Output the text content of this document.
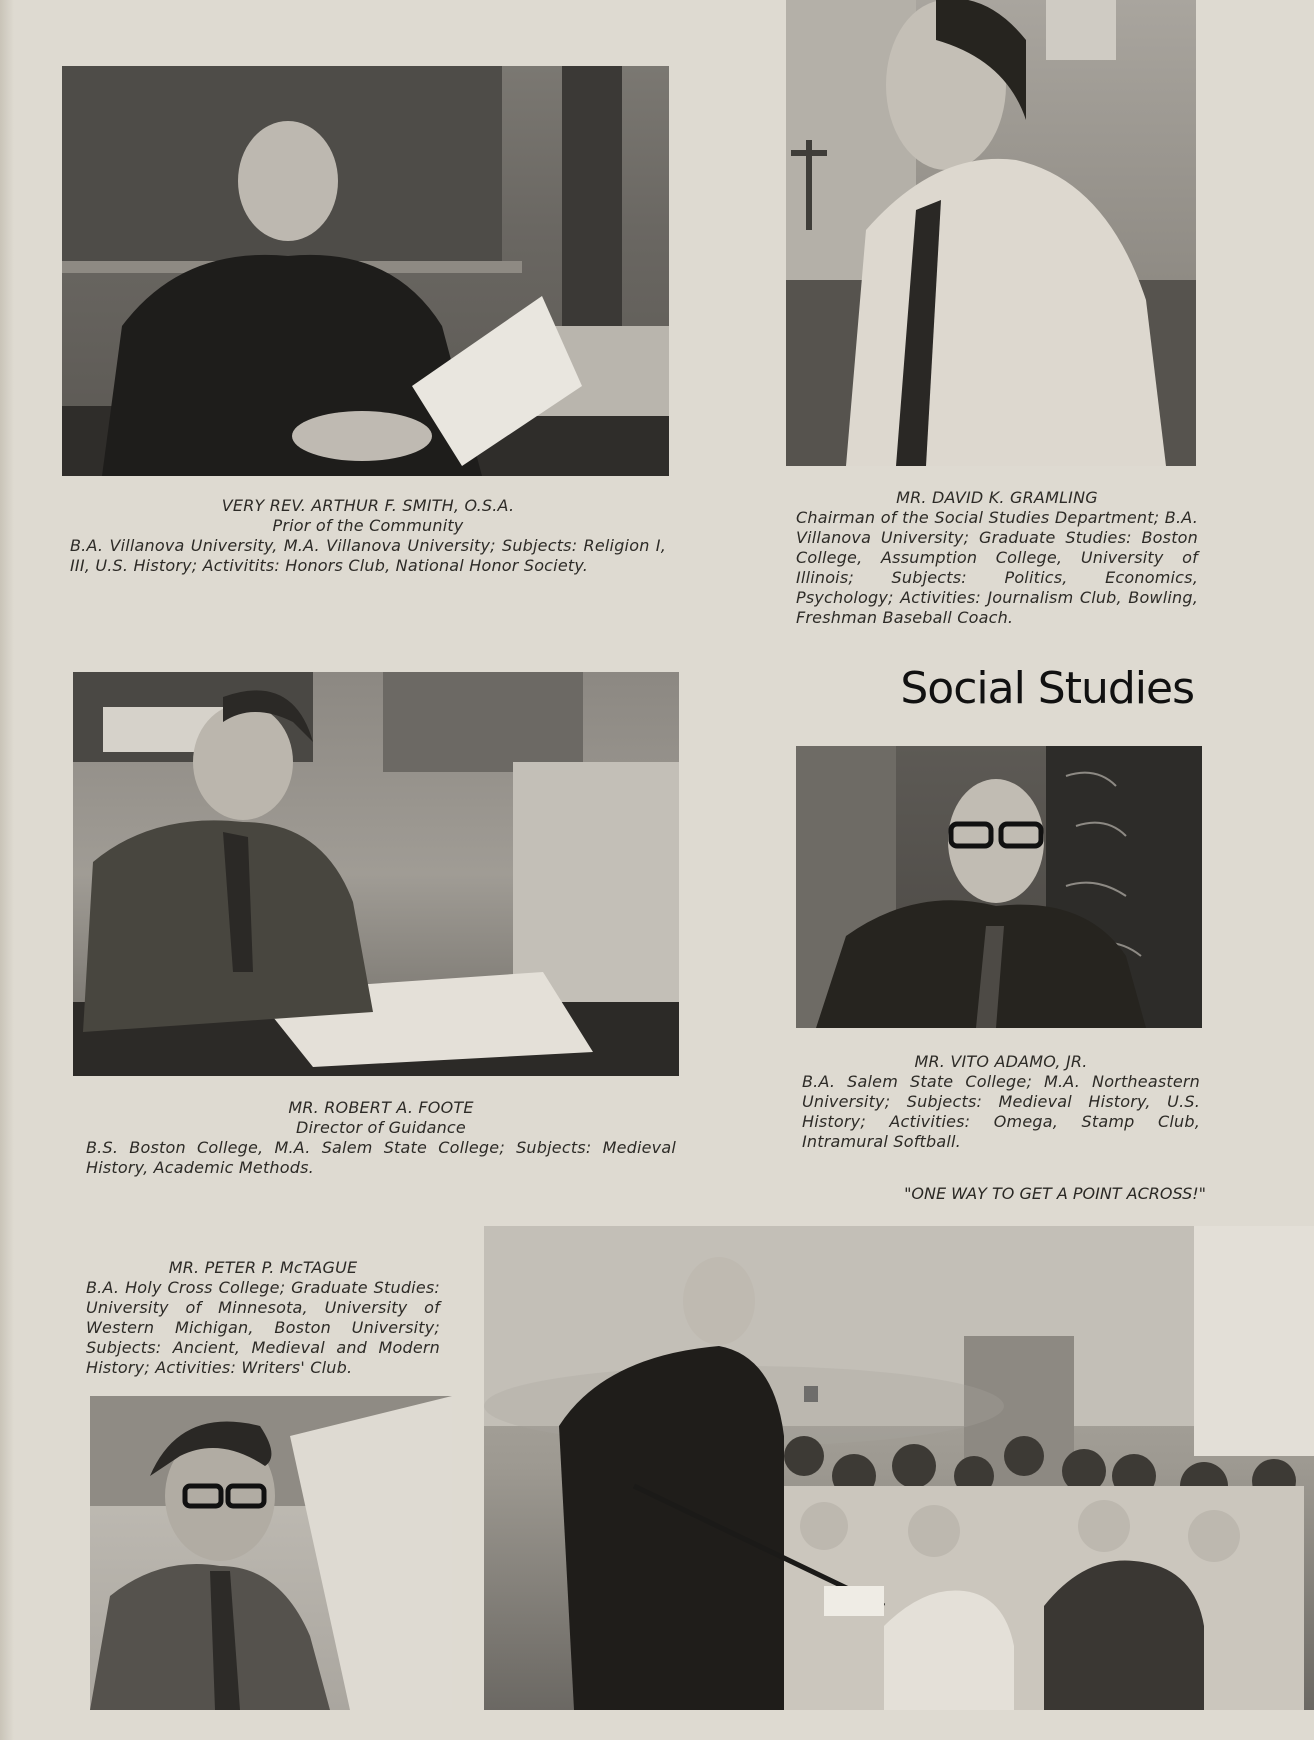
VERY REV. ARTHUR F. SMITH, O.S.A.
Prior of the Community
B.A. Villanova University, M.A. Villanova University; Subjects: Religion I, III, U.S. History; Activitits: Honors Club, National Honor Society.
MR. DAVID K. GRAMLING
Chairman of the Social Studies Department; B.A. Villanova University; Graduate Studies: Boston College, Assumption College, University of Illinois; Subjects: Politics, Economics, Psychology; Activities: Journalism Club, Bowling, Freshman Baseball Coach.
Social Studies
MR. ROBERT A. FOOTE
Director of Guidance
B.S. Boston College, M.A. Salem State College; Subjects: Medieval History, Academic Methods.
MR. VITO ADAMO, JR.
B.A. Salem State College; M.A. Northeastern University; Subjects: Medieval History, U.S. History; Activities: Omega, Stamp Club, Intramural Softball.
"ONE WAY TO GET A POINT ACROSS!"
MR. PETER P. McTAGUE
B.A. Holy Cross College; Graduate Studies: University of Minnesota, University of Western Michigan, Boston University; Subjects: Ancient, Medieval and Modern History; Activities: Writers' Club.
